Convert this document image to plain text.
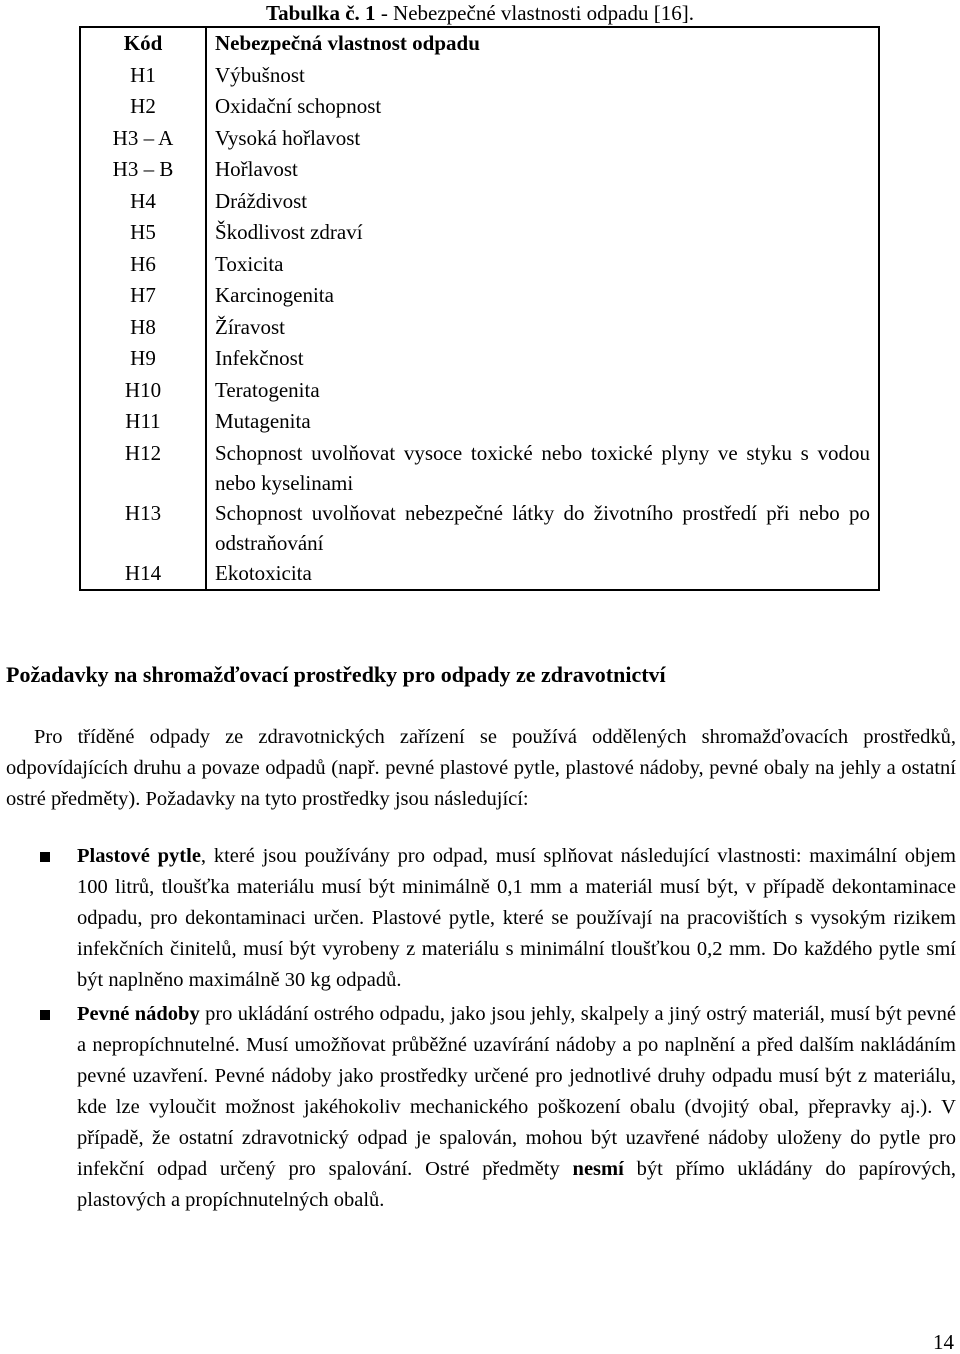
Tabulka č. 1 - Nebezpečné vlastnosti odpadu [16].
Kód	Nebezpečná vlastnost odpadu
H1	Výbušnost
H2	Oxidační schopnost
H3 – A	Vysoká hořlavost
H3 – B	Hořlavost
H4	Dráždivost
H5	Škodlivost zdraví
H6	Toxicita
H7	Karcinogenita
H8	Žíravost
H9	Infekčnost
H10	Teratogenita
H11	Mutagenita
H12	Schopnost uvolňovat vysoce toxické nebo toxické plyny ve styku s vodou nebo kyselinami
H13	Schopnost uvolňovat nebezpečné látky do životního prostředí při nebo po odstraňování
H14	Ekotoxicita
Požadavky na shromažďovací prostředky pro odpady ze zdravotnictví

Pro tříděné odpady ze zdravotnických zařízení se používá oddělených shromažďovacích prostředků, odpovídajících druhu a povaze odpadů (např. pevné plastové pytle, plastové nádoby, pevné obaly na jehly a ostatní ostré předměty). Požadavky na tyto prostředky jsou následující:

Plastové pytle, které jsou používány pro odpad, musí splňovat následující vlastnosti: maximální objem 100 litrů, tloušťka materiálu musí být minimálně 0,1 mm a materiál musí být, v případě dekontaminace odpadu, pro dekontaminaci určen. Plastové pytle, které se používají na pracovištích s vysokým rizikem infekčních činitelů, musí být vyrobeny z materiálu s minimální tloušťkou 0,2 mm. Do každého pytle smí být naplněno maximálně 30 kg odpadů.
Pevné nádoby pro ukládání ostrého odpadu, jako jsou jehly, skalpely a jiný ostrý materiál, musí být pevné a nepropíchnutelné. Musí umožňovat průběžné uzavírání nádoby a po naplnění a před dalším nakládáním pevné uzavření. Pevné nádoby jako prostředky určené pro jednotlivé druhy odpadu musí být z materiálu, kde lze vyloučit možnost jakéhokoliv mechanického poškození obalu (dvojitý obal, přepravky aj.). V případě, že ostatní zdravotnický odpad je spalován, mohou být uzavřené nádoby uloženy do pytle pro infekční odpad určený pro spalování. Ostré předměty nesmí být přímo ukládány do papírových, plastových a propíchnutelných obalů.
14
